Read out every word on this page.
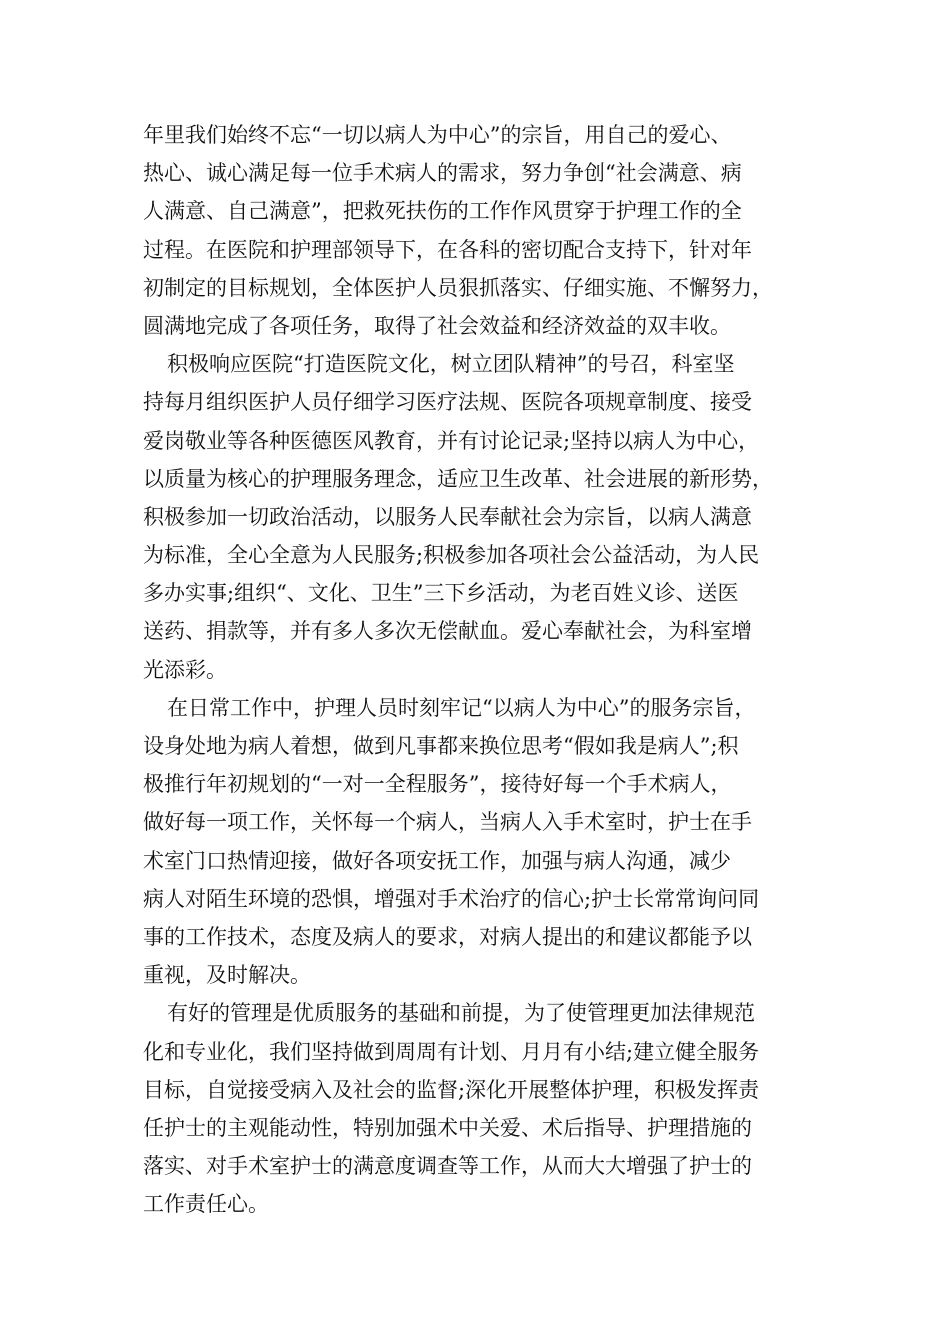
年里我们始终不忘“一切以病人为中心”的宗旨，用自己的爱心、
热心、诚心满足每一位手术病人的需求，努力争创“社会满意、病
人满意、自己满意”，把救死扶伤的工作作风贯穿于护理工作的全
过程。在医院和护理部领导下，在各科的密切配合支持下，针对年
初制定的目标规划，全体医护人员狠抓落实、仔细实施、不懈努力，
圆满地完成了各项任务，取得了社会效益和经济效益的双丰收。
积极响应医院“打造医院文化，树立团队精神”的号召，科室坚
持每月组织医护人员仔细学习医疗法规、医院各项规章制度、接受
爱岗敬业等各种医德医风教育，并有讨论记录;坚持以病人为中心，
以质量为核心的护理服务理念，适应卫生改革、社会进展的新形势，
积极参加一切政治活动，以服务人民奉献社会为宗旨，以病人满意
为标准，全心全意为人民服务;积极参加各项社会公益活动，为人民
多办实事;组织“、文化、卫生”三下乡活动，为老百姓义诊、送医
送药、捐款等，并有多人多次无偿献血。爱心奉献社会，为科室增
光添彩。
在日常工作中，护理人员时刻牢记“以病人为中心”的服务宗旨，
设身处地为病人着想，做到凡事都来换位思考“假如我是病人”;积
极推行年初规划的“一对一全程服务”，接待好每一个手术病人，
做好每一项工作，关怀每一个病人，当病人入手术室时，护士在手
术室门口热情迎接，做好各项安抚工作，加强与病人沟通，减少
病人对陌生环境的恐惧，增强对手术治疗的信心;护士长常常询问同
事的工作技术，态度及病人的要求，对病人提出的和建议都能予以
重视，及时解决。
有好的管理是优质服务的基础和前提，为了使管理更加法律规范
化和专业化，我们坚持做到周周有计划、月月有小结;建立健全服务
目标，自觉接受病入及社会的监督;深化开展整体护理，积极发挥责
任护士的主观能动性，特别加强术中关爱、术后指导、护理措施的
落实、对手术室护士的满意度调查等工作，从而大大增强了护士的
工作责任心。
